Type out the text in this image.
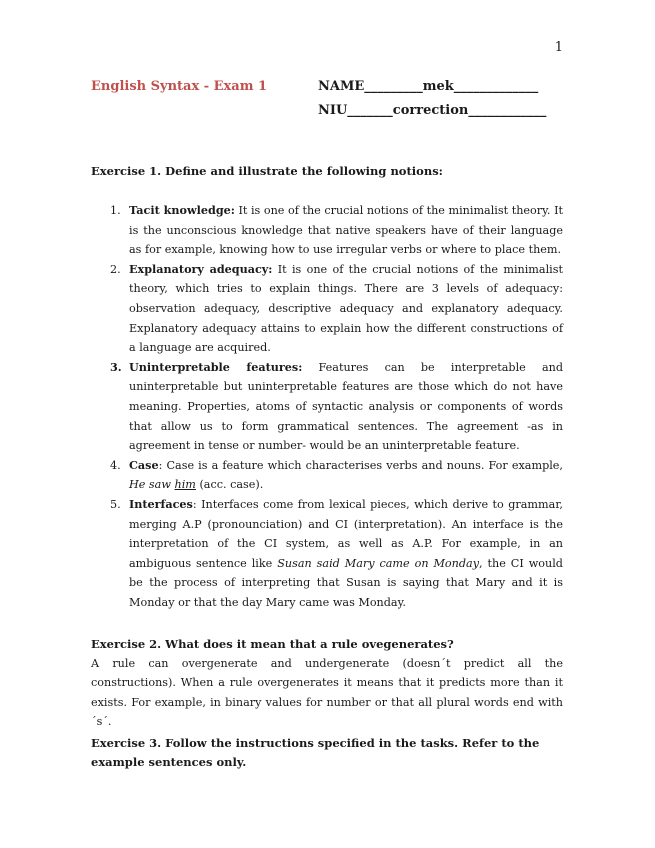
1
English Syntax - Exam 1	NAME_________mek_____________
NIU_______correction____________
Exercise 1. Define and illustrate the following notions:
1. Tacit knowledge: It is one of the crucial notions of the minimalist theory. It is the unconscious knowledge that native speakers have of their language as for example, knowing how to use irregular verbs or where to place them.
2. Explanatory adequacy: It is one of the crucial notions of the minimalist theory, which tries to explain things. There are 3 levels of adequacy: observation adequacy, descriptive adequacy and explanatory adequacy. Explanatory adequacy attains to explain how the different constructions of a language are acquired.
3. Uninterpretable features: Features can be interpretable and uninterpretable but uninterpretable features are those which do not have meaning. Properties, atoms of syntactic analysis or components of words that allow us to form grammatical sentences. The agreement -as in agreement in tense or number- would be an uninterpretable feature.
4. Case: Case is a feature which characterises verbs and nouns. For example, He saw him (acc. case).
5. Interfaces: Interfaces come from lexical pieces, which derive to grammar, merging A.P (pronounciation) and CI (interpretation). An interface is the interpretation of the CI system, as well as A.P. For example, in an ambiguous sentence like Susan said Mary came on Monday, the CI would be the process of interpreting that Susan is saying that Mary and it is Monday or that the day Mary came was Monday.
Exercise 2. What does it mean that a rule ovegenerates?
A rule can overgenerate and undergenerate (doesn´t predict all the constructions). When a rule overgenerates it means that it predicts more than it exists. For example, in binary values for number or that all plural words end with ´s´.
Exercise 3. Follow the instructions specified in the tasks. Refer to the example sentences only.
